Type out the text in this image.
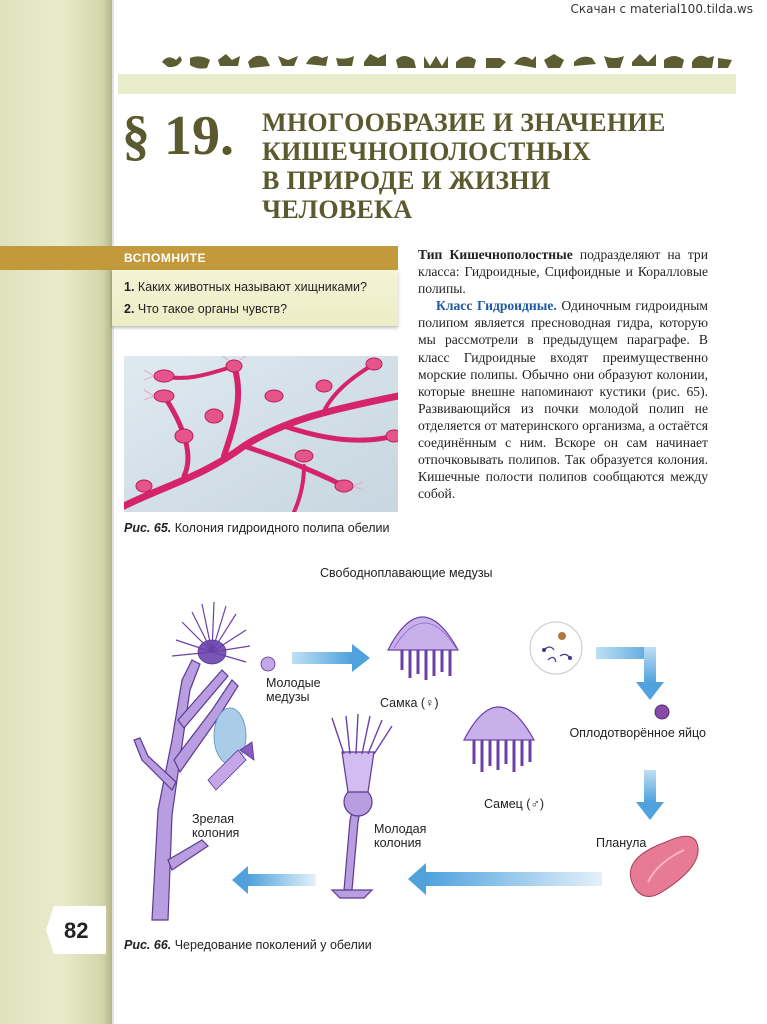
Скачан с material100.tilda.ws
§ 19. МНОГООБРАЗИЕ И ЗНАЧЕНИЕ
КИШЕЧНОПОЛОСТНЫХ
В ПРИРОДЕ И ЖИЗНИ
ЧЕЛОВЕКА
ВСПОМНИТЕ
1. Каких животных называют хищниками?
2. Что такое органы чувств?

Тип Кишечнополостные подразделяют на три класса: Гидроидные, Сцифоидные и Коралловые полипы.

Класс Гидроидные. Одиночным гидроидным полипом является пресноводная гидра, которую мы рассмотрели в предыдущем параграфе. В класс Гидроидные входят преимущественно морские полипы. Обычно они образуют колонии, которые внешне напоминают кустики (рис. 65). Развивающийся из почки молодой полип не отделяется от материнского организма, а остаётся соединённым с ним. Вскоре он сам начинает отпочковывать полипов. Так образуется колония. Кишечные полости полипов сообщаются между собой.

Рис. 65. Колония гидроидного полипа обелии
Свободноплавающие медузы
Молодые медузы	Самка (♀)
Оплодотворённое яйцо
Самец (♂)
Планула
Молодая колония
Зрелая колония
Рис. 66. Чередование поколений у обелии
82
